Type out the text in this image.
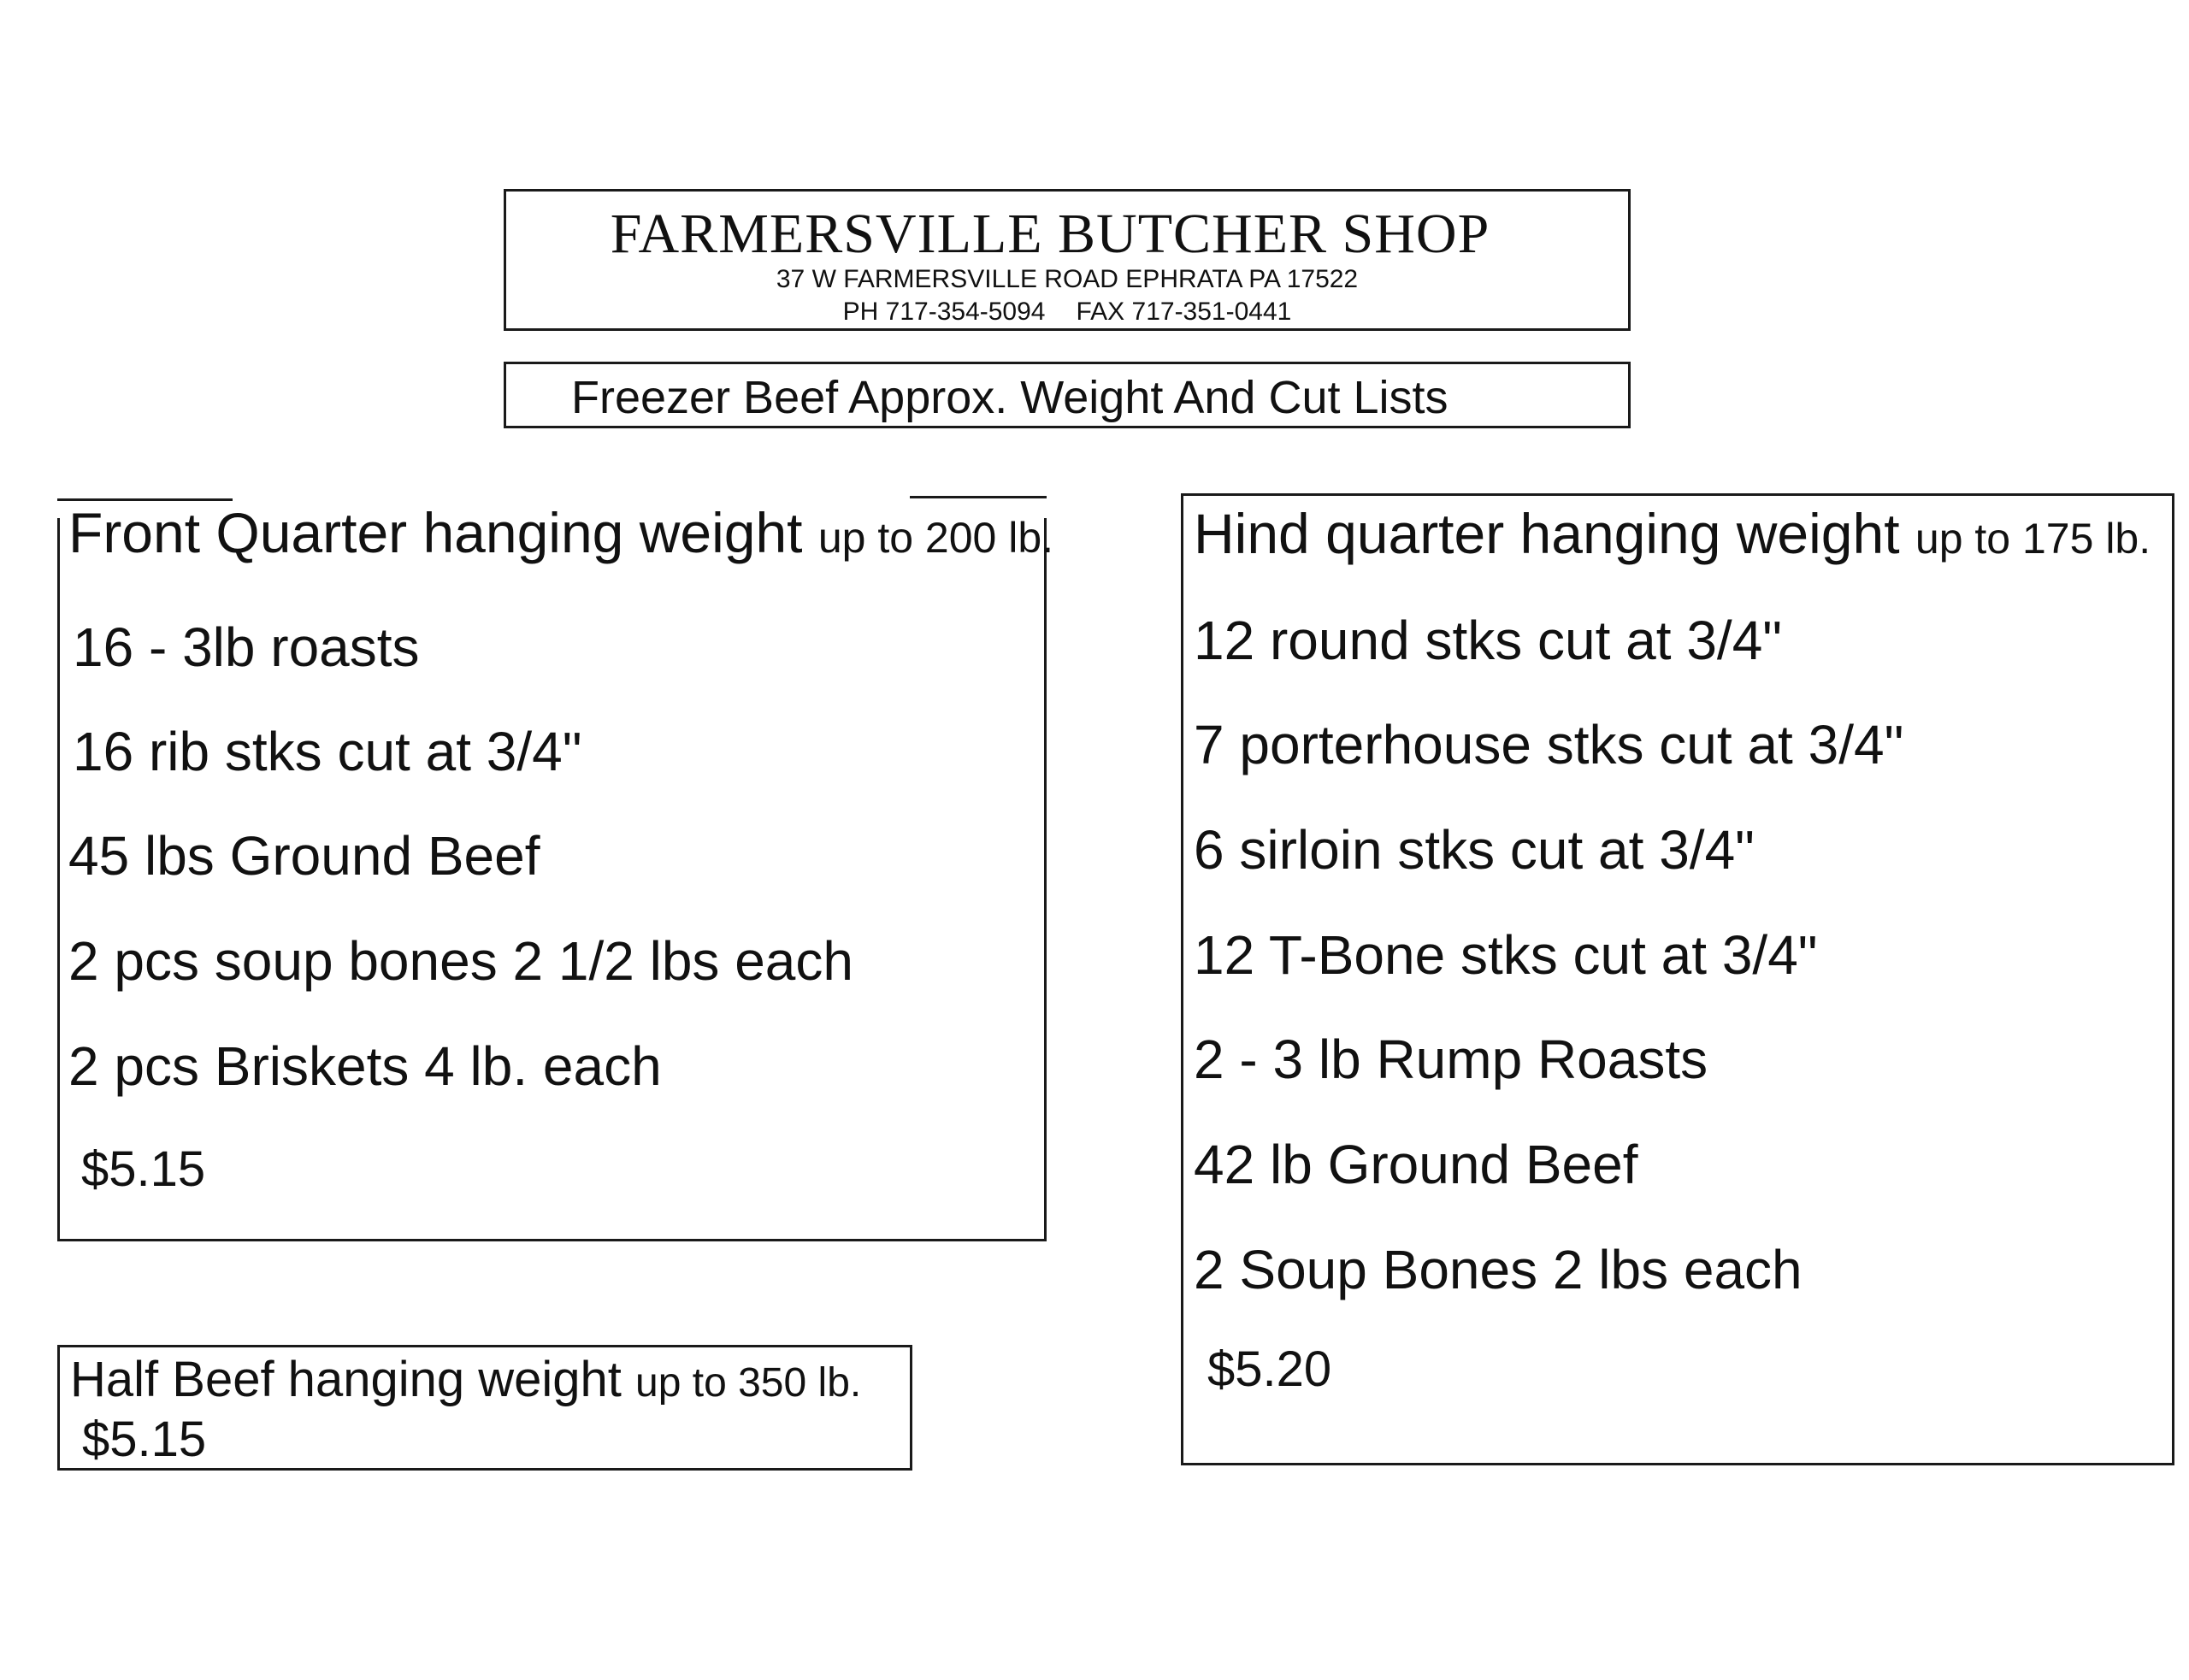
FARMERSVILLE BUTCHER SHOP
37 W FARMERSVILLE ROAD EPHRATA PA 17522
PH 717-354-5094 FAX 717-351-0441
Freezer Beef Approx. Weight And Cut Lists
Front Quarter hanging weight up to 200 lb.
16 - 3lb roasts
16 rib stks cut at 3/4"
45 lbs Ground Beef
2 pcs soup bones 2 1/2 lbs each
2 pcs Briskets 4 lb. each
$5.15
Half Beef hanging weight up to 350 lb.
$5.15
Hind quarter hanging weight up to 175 lb.
12 round stks cut at 3/4"
7 porterhouse stks cut at 3/4"
6 sirloin stks cut at 3/4"
12 T-Bone stks cut at 3/4"
2 - 3 lb Rump Roasts
42 lb Ground Beef
2 Soup Bones 2 lbs each
$5.20
